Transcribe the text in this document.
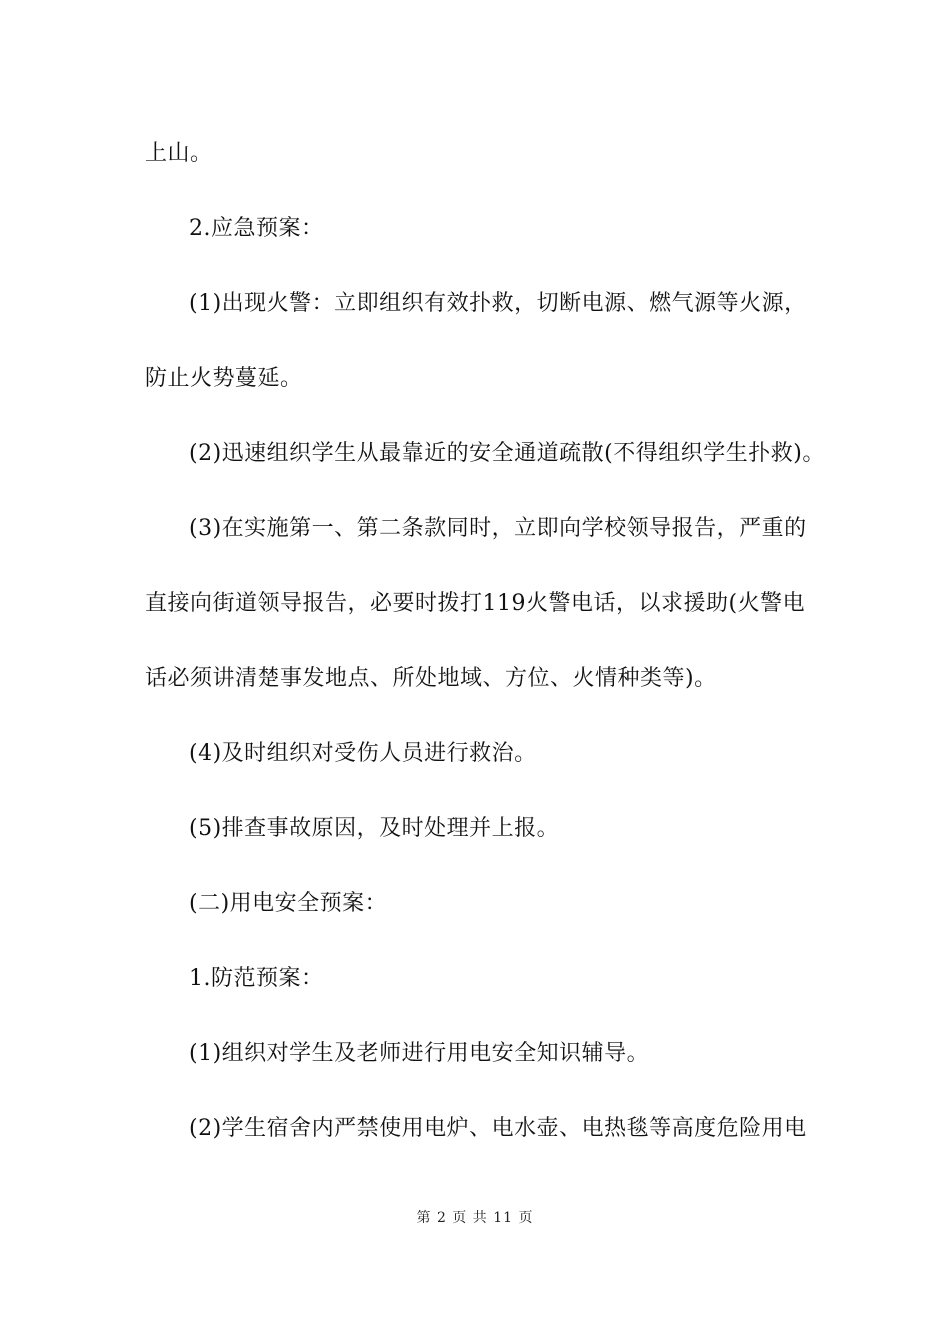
上山。
2.应急预案：
(1)出现火警：立即组织有效扑救，切断电源、燃气源等火源，
防止火势蔓延。
(2)迅速组织学生从最靠近的安全通道疏散(不得组织学生扑救)。
(3)在实施第一、第二条款同时，立即向学校领导报告，严重的
直接向街道领导报告，必要时拨打119火警电话，以求援助(火警电
话必须讲清楚事发地点、所处地域、方位、火情种类等)。
(4)及时组织对受伤人员进行救治。
(5)排查事故原因，及时处理并上报。
(二)用电安全预案：
1.防范预案：
(1)组织对学生及老师进行用电安全知识辅导。
(2)学生宿舍内严禁使用电炉、电水壶、电热毯等高度危险用电
第 2 页 共 11 页
